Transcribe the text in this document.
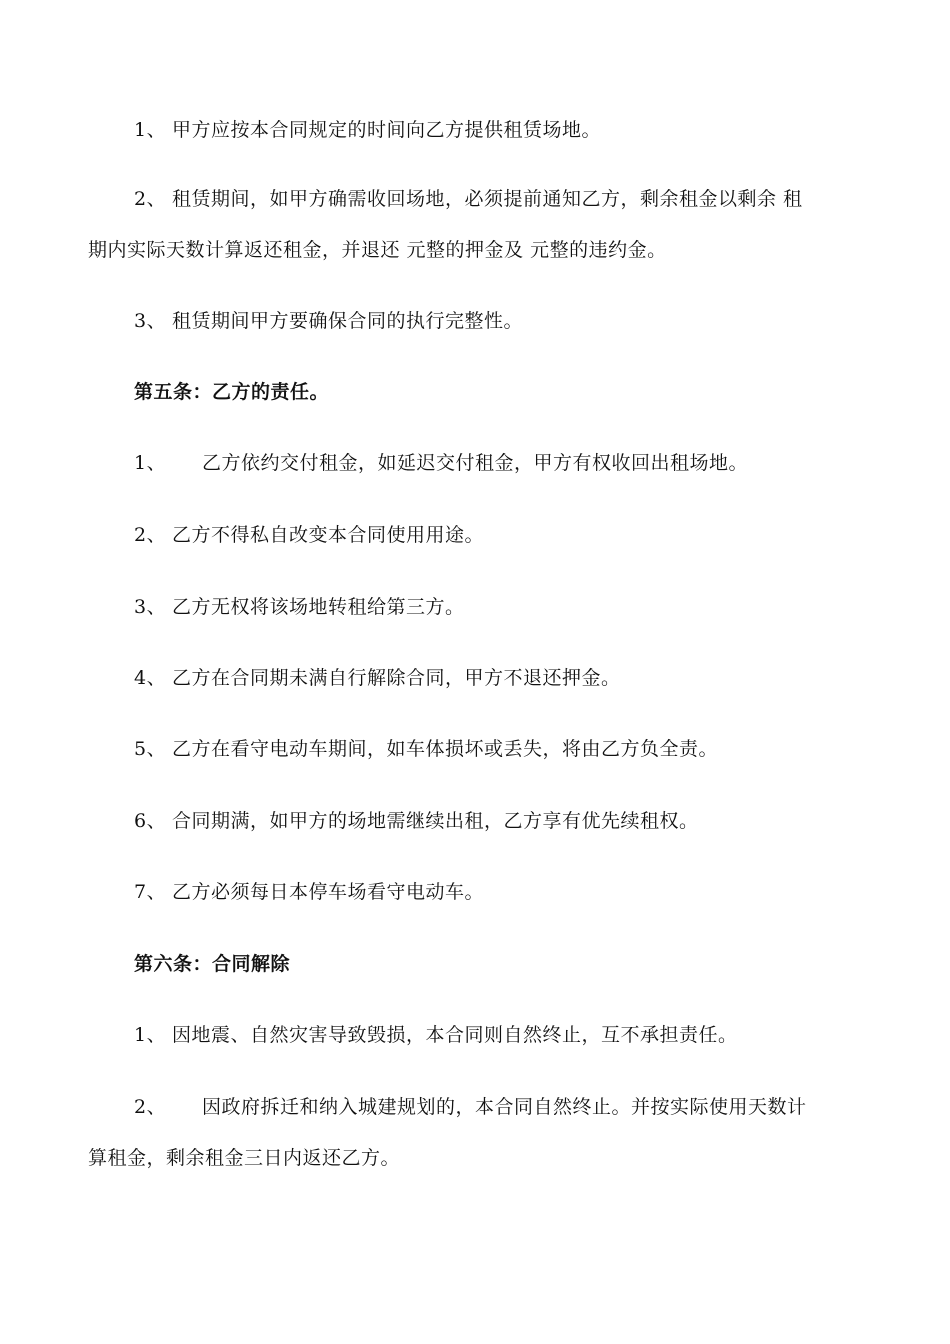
1、 甲方应按本合同规定的时间向乙方提供租赁场地。
2、 租赁期间，如甲方确需收回场地，必须提前通知乙方，剩余租金以剩余 租
期内实际天数计算返还租金，并退还 元整的押金及 元整的违约金。
3、 租赁期间甲方要确保合同的执行完整性。
第五条：乙方的责任。
1、 乙方依约交付租金，如延迟交付租金，甲方有权收回出租场地。
2、 乙方不得私自改变本合同使用用途。
3、 乙方无权将该场地转租给第三方。
4、 乙方在合同期未满自行解除合同，甲方不退还押金。
5、 乙方在看守电动车期间，如车体损坏或丢失，将由乙方负全责。
6、 合同期满，如甲方的场地需继续出租，乙方享有优先续租权。
7、 乙方必须每日本停车场看守电动车。
第六条：合同解除
1、 因地震、自然灾害导致毁损，本合同则自然终止，互不承担责任。
2、 因政府拆迁和纳入城建规划的，本合同自然终止。并按实际使用天数计
算租金，剩余租金三日内返还乙方。
